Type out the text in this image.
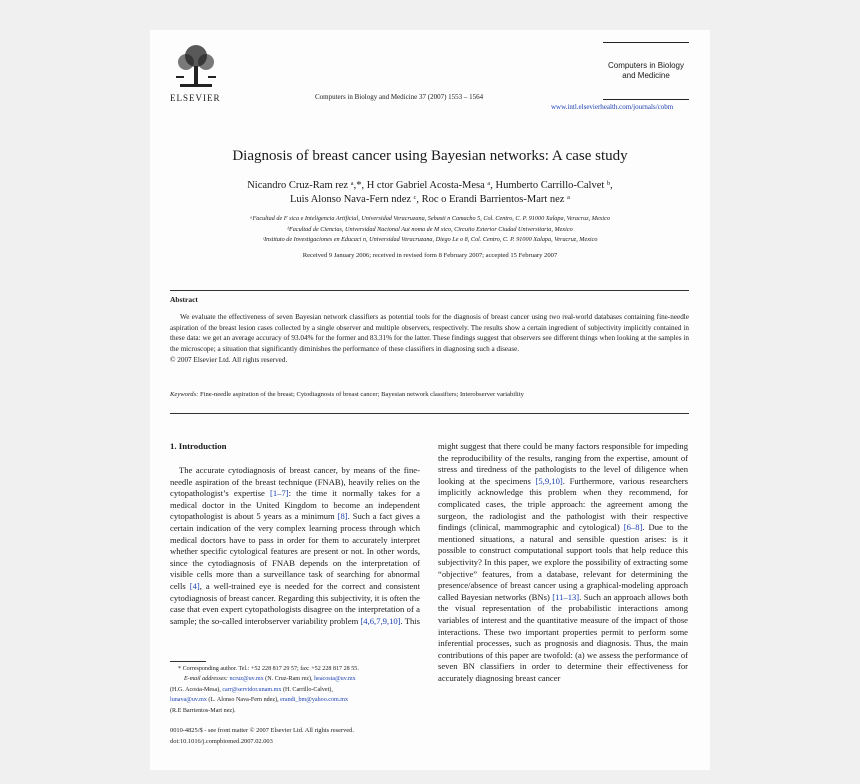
ELSEVIER	Computers in Biology and Medicine 37 (2007) 1553 – 1564
Computers in Biology and Medicine
www.intl.elsevierhealth.com/journals/cobm
Diagnosis of breast cancer using Bayesian networks: A case study
Nicandro Cruz-Ram rez ᵃ,*, H ctor Gabriel Acosta-Mesa ᵃ, Humberto Carrillo-Calvet ᵇ,
Luis Alonso Nava-Fern ndez ᶜ, Roc o Erandi Barrientos-Mart nez ᵃ
ᵃFacultad de F sica e Inteligencia Artificial, Universidad Veracruzana, Sebasti n Camacho 5, Col. Centro, C. P. 91000 Xalapa, Veracruz, Mexico
ᵇFacultad de Ciencias, Universidad Nacional Aut noma de M xico, Circuito Exterior Ciudad Universitaria, Mexico
ᶜInstituto de Investigaciones en Educaci n, Universidad Veracruzana, Diego Le o 8, Col. Centro, C. P. 91000 Xalapa, Veracruz, Mexico
Received 9 January 2006; received in revised form 8 February 2007; accepted 15 February 2007
Abstract

We evaluate the effectiveness of seven Bayesian network classifiers as potential tools for the diagnosis of breast cancer using two real-world databases containing fine-needle aspiration of the breast lesion cases collected by a single observer and multiple observers, respectively. The results show a certain ingredient of subjectivity implicitly contained in these data: we get an average accuracy of 93.04% for the former and 83.31% for the latter. These findings suggest that observers see different things when looking at the samples in the microscope; a situation that significantly diminishes the performance of these classifiers in diagnosing such a disease.

© 2007 Elsevier Ltd. All rights reserved.

Keywords: Fine-needle aspiration of the breast; Cytodiagnosis of breast cancer; Bayesian network classifiers; Interobserver variability
1. Introduction

The accurate cytodiagnosis of breast cancer, by means of the fine-needle aspiration of the breast technique (FNAB), heavily relies on the cytopathologist’s expertise [1–7]: the time it normally takes for a medical doctor in the United Kingdom to become an independent cytopathologist is about 5 years as a minimum [8]. Such a fact gives a certain indication of the very complex learning process through which medical doctors have to pass in order for them to accurately interpret whether specific cytological features are present or not. In other words, since the cytodiagnosis of FNAB depends on the interpretation of visible cells more than a surveillance task of searching for abnormal cells [4], a well-trained eye is needed for the correct and consistent cytodiagnosis of breast cancer. Regarding this subjectivity, it is often the case that even expert cytopathologists disagree on the interpretation of a sample; the so-called interobserver variability problem [4,6,7,9,10]. This

might suggest that there could be many factors responsible for impeding the reproducibility of the results, ranging from the expertise, amount of stress and tiredness of the pathologists to the level of diligence when looking at the specimens [5,9,10]. Furthermore, various researchers implicitly acknowledge this problem when they recommend, for complicated cases, the triple approach: the agreement among the surgeon, the radiologist and the pathologist with their respective findings (clinical, mammographic and cytological) [6–8]. Due to the mentioned situations, a natural and sensible question arises: is it possible to construct computational support tools that help reduce this subjectivity? In this paper, we explore the possibility of extracting some “objective” features, from a database, relevant for determining the presence/absence of breast cancer using a graphical-modeling approach called Bayesian networks (BNs) [11–13]. Such an approach allows both the visual representation of the probabilistic interactions among variables of interest and the quantitative measure of the impact of those interactions. These two important properties permit to perform some inferential processes, such as prognosis and diagnosis. Thus, the main contributions of this paper are twofold: (a) we assess the performance of seven BN classifiers in order to determine their effectiveness for accurately diagnosing breast cancer

* Corresponding author. Tel.: +52 228 817 29 57; fax: +52 228 817 28 55.

E-mail addresses: ncruz@uv.mx (N. Cruz-Ram rez), heacosta@uv.mx

(H.G. Acosta-Mesa), carr@servidor.unam.mx (H. Carrillo-Calvet),

lunava@uv.mx (L. Alonso Nava-Fern ndez), erandi_bm@yahoo.com.mx

(R.E Barrientos-Mart nez).

0010-4825/$ - see front matter © 2007 Elsevier Ltd. All rights reserved.
doi:10.1016/j.compbiomed.2007.02.003
